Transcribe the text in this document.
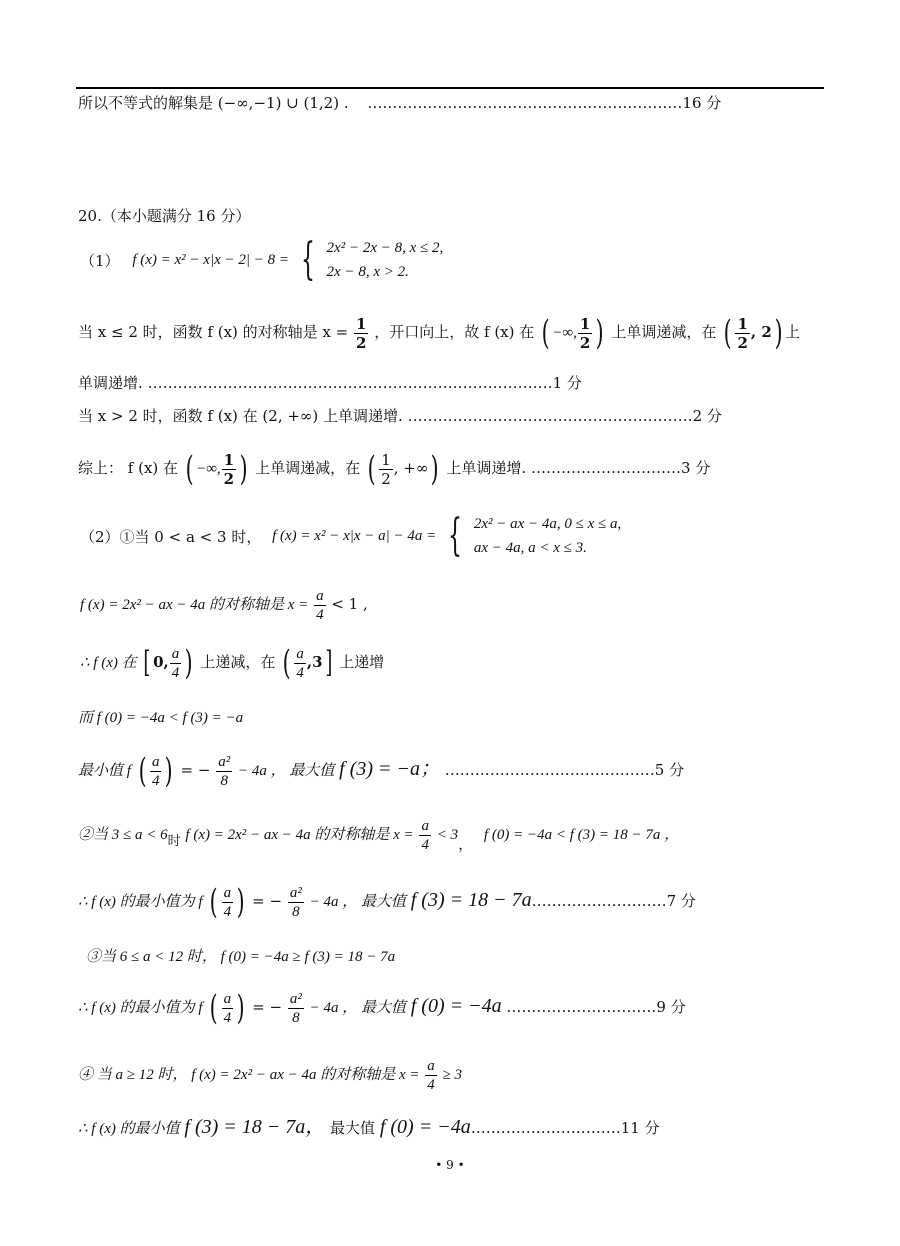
所以不等式的解集是 (−∞,−1) ∪ (1,2) . ………………………………………………………16 分
20.（本小题满分 16 分）
（1） f (x) = x² − x|x − 2| − 8 = { 2x² − 2x − 8, x ≤ 2,
2x − 8, x > 2.
当 x ≤ 2 时，函数 f (x) 的对称轴是 $x = \frac{1}{2}$ ，开口向上，故 f (x) 在 ( −∞, $\frac{1}{2}$ ) 上单调递减，在 ( $\frac{1}{2}$ , 2) 上
单调递增. ………………………………………………………………………1 分
当 x > 2 时，函数 f (x) 在 (2, +∞) 上单调递增. …………………………………………………2 分
综上： f (x) 在 ( −∞, $\frac{1}{2}$ ) 上单调递减，在 ( $\frac{1}{2}$ , +∞) 上单调递增. …………………………3 分
（2）①当 0 < a < 3 时， f (x) = x² − x|x − a| − 4a = { 2x² − ax − 4a, 0 ≤ x ≤ a,
ax − 4a, a < x ≤ 3.
f (x) = 2x² − ax − 4a 的对称轴是 $x = \frac{a}{4} < 1$ ,
∴ f (x) 在 [ 0, $\frac{a}{4}$ ) 上递减，在 ( $\frac{a}{4} ,3$] 上递增
而 f (0) = −4a < f (3) = −a
最小值 f ( $\frac{a}{4}$ ) = − $\frac{\text{a²}}{8} - 4a$ ， 最大值 f (3) = −a； ……………………………………5 分
②当 3 ≤ a < 6时 f (x) = 2x² − ax − 4a 的对称轴是 $x = \frac{a}{4} < 3$， f (0) = −4a < f (3) = 18 − 7a ，
∴ f (x) 的最小值为 f ( $\frac{a}{4}$ ) = − $\frac{\text{a²}}{8} - 4a$ ， 最大值 f (3) = 18 − 7a………………………7 分
③当 6 ≤ a < 12 时， f (0) = −4a ≥ f (3) = 18 − 7a
∴ f (x) 的最小值为 f ( $\frac{a}{4}$ ) = − $\frac{\text{a²}}{8} - 4a$ ， 最大值 f (0) = −4a …………………………9 分
④ 当 a ≥ 12 时， f (x) = 2x² − ax − 4a 的对称轴是 $x = \frac{a}{4} \ge 3$
∴ f (x) 的最小值 f (3) = 18 − 7a， 最大值 f (0) = −4a…………………………11 分
• 9 •
